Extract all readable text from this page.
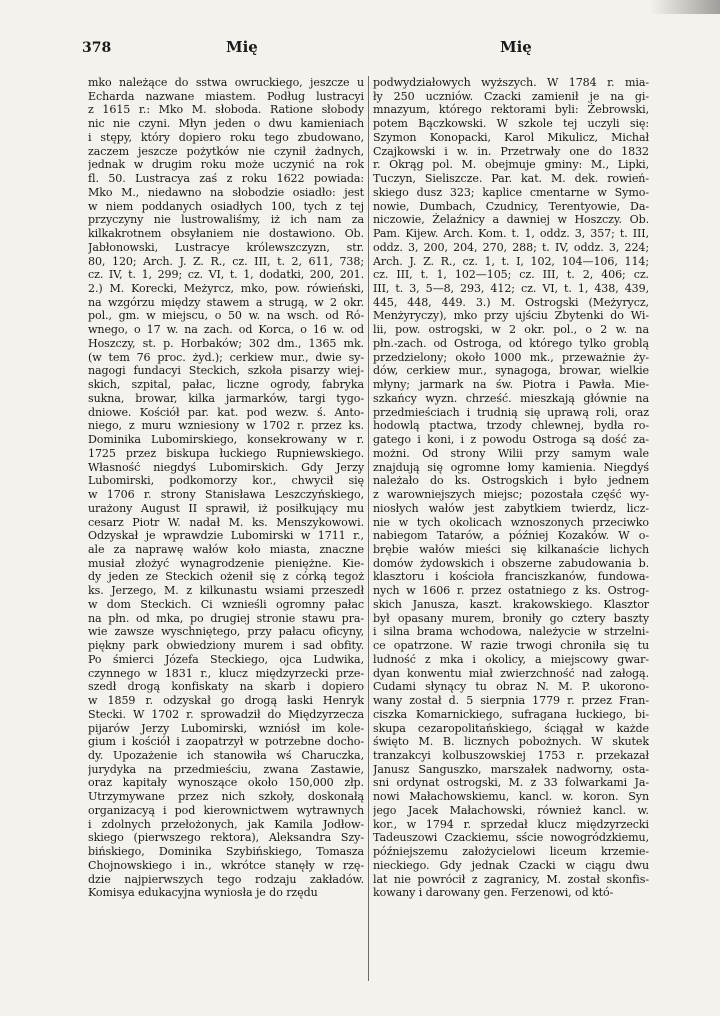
378	Mię	Mię
mko należące do sstwa owruckiego, jeszcze u
Echarda nazwane miastem. Podług lustracyi
z 1615 r.: Mko M. słoboda. Ratione słobody
nic nie czyni. Młyn jeden o dwu kamieniach
i stępy, który dopiero roku tego zbudowano,
zaczem jeszcze pożytków nie czynił żadnych,
jednak w drugim roku może uczynić na rok
fl. 50. Lustracya zaś z roku 1622 powiada:
Mko M., niedawno na słobodzie osiadło: jest
w niem poddanych osiadłych 100, tych z tej
przyczyny nie lustrowaliśmy, iż ich nam za
kilkakrotnem obsyłaniem nie dostawiono. Ob.
Jabłonowski, Lustracye królewszczyzn, str.
80, 120; Arch. J. Z. R., cz. III, t. 2, 611, 738;
cz. IV, t. 1, 299; cz. VI, t. 1, dodatki, 200, 201.
2.) M. Korecki, Meżyrcz, mko, pow. rówieński,
na wzgórzu między stawem a strugą, w 2 okr.
pol., gm. w miejscu, o 50 w. na wsch. od Ró-
wnego, o 17 w. na zach. od Korca, o 16 w. od
Hoszczy, st. p. Horbaków; 302 dm., 1365 mk.
(w tem 76 proc. żyd.); cerkiew mur., dwie sy-
nagogi fundacyi Steckich, szkoła pisarzy wiej-
skich, szpital, pałac, liczne ogrody, fabryka
sukna, browar, kilka jarmarków, targi tygo-
dniowe. Kościół par. kat. pod wezw. ś. Anto-
niego, z muru wzniesiony w 1702 r. przez ks.
Dominika Lubomirskiego, konsekrowany w r.
1725 przez biskupa łuckiego Rupniewskiego.
Własność niegdyś Lubomirskich. Gdy Jerzy
Lubomirski, podkomorzy kor., chwycił się
w 1706 r. strony Stanisława Leszczyńskiego,
urażony August II sprawił, iż posiłkujący mu
cesarz Piotr W. nadał M. ks. Menszykowowi.
Odzyskał je wprawdzie Lubomirski w 1711 r.,
ale za naprawę wałów koło miasta, znaczne
musiał złożyć wynagrodzenie pieniężne. Kie-
dy jeden ze Steckich ożenił się z córką tegoż
ks. Jerzego, M. z kilkunastu wsiami przeszedł
w dom Steckich. Ci wznieśli ogromny pałac
na płn. od mka, po drugiej stronie stawu pra-
wie zawsze wyschniętego, przy pałacu oficyny,
piękny park obwiedziony murem i sad obfity.
Po śmierci Józefa Steckiego, ojca Ludwika,
czynnego w 1831 r., klucz międzyrzecki prze-
szedł drogą konfiskaty na skarb i dopiero
w 1859 r. odzyskał go drogą łaski Henryk
Stecki. W 1702 r. sprowadził do Międzyrzecza
pijarów Jerzy Lubomirski, wzniósł im kole-
gium i kościół i zaopatrzył w potrzebne docho-
dy. Upozażenie ich stanowiła wś Charuczka,
jurydyka na przedmieściu, zwana Zastawie,
oraz kapitały wynoszące około 150,000 złp.
Utrzymywane przez nich szkoły, doskonałą
organizacyą i pod kierownictwem wytrawnych
i zdolnych przełożonych, jak Kamila Jodłow-
skiego (pierwszego rektora), Aleksandra Szy-
bińskiego, Dominika Szybińskiego, Tomasza
Chojnowskiego i in., wkrótce stanęły w rzę-
dzie najpierwszych tego rodzaju zakładów.
Komisya edukacyjna wyniosła je do rzędu
podwydziałowych wyższych. W 1784 r. mia-
ły 250 uczniów. Czacki zamienił je na gi-
mnazyum, którego rektorami byli: Żebrowski,
potem Bączkowski. W szkole tej uczyli się:
Szymon Konopacki, Karol Mikulicz, Michał
Czajkowski i w. in. Przetrwały one do 1832
r. Okrąg pol. M. obejmuje gminy: M., Lipki,
Tuczyn, Sieliszcze. Par. kat. M. dek. rowień-
skiego dusz 323; kaplice cmentarne w Symo-
nowie, Dumbach, Czudnicy, Terentyowie, Da-
niczowie, Żelaźnicy a dawniej w Hoszczy. Ob.
Pam. Kijew. Arch. Kom. t. 1, oddz. 3, 357; t. III,
oddz. 3, 200, 204, 270, 288; t. IV, oddz. 3, 224;
Arch. J. Z. R., cz. 1, t. I, 102, 104—106, 114;
cz. III, t. 1, 102—105; cz. III, t. 2, 406; cz.
III, t. 3, 5—8, 293, 412; cz. VI, t. 1, 438, 439,
445, 448, 449. 3.) M. Ostrogski (Meżyrycz,
Menżyryczy), mko przy ujściu Zbytenki do Wi-
lii, pow. ostrogski, w 2 okr. pol., o 2 w. na
płn.-zach. od Ostroga, od którego tylko groblą
przedzielony; około 1000 mk., przeważnie ży-
dów, cerkiew mur., synagoga, browar, wielkie
młyny; jarmark na św. Piotra i Pawła. Mie-
szkańcy wyzn. chrześć. mieszkają głównie na
przedmieściach i trudnią się uprawą roli, oraz
hodowlą ptactwa, trzody chlewnej, bydła ro-
gatego i koni, i z powodu Ostroga są dość za-
możni. Od strony Wilii przy samym wale
znajdują się ogromne łomy kamienia. Niegdyś
należało do ks. Ostrogskich i było jednem
z warowniejszych miejsc; pozostała część wy-
niosłych wałów jest zabytkiem twierdz, licz-
nie w tych okolicach wznoszonych przeciwko
nabiegom Tatarów, a później Kozaków. W o-
brębie wałów mieści się kilkanaście lichych
domów żydowskich i obszerne zabudowania b.
klasztoru i kościoła franciszkanów, fundowa-
nych w 1606 r. przez ostatniego z ks. Ostrog-
skich Janusza, kaszt. krakowskiego. Klasztor
był opasany murem, broniły go cztery baszty
i silna brama wchodowa, należycie w strzelni-
ce opatrzone. W razie trwogi chroniła się tu
ludność z mka i okolicy, a miejscowy gwar-
dyan konwentu miał zwierzchność nad załogą.
Cudami słynący tu obraz N. M. P. ukorono-
wany został d. 5 sierpnia 1779 r. przez Fran-
ciszka Komarnickiego, sufragana łuckiego, bi-
skupa cezaropolitańskiego, ściągał w każde
święto M. B. licznych pobożnych. W skutek
tranzakcyi kolbuszowskiej 1753 r. przekazał
Janusz Sanguszko, marszałek nadworny, osta-
sni ordynat ostrogski, M. z 33 folwarkami Ja-
nowi Małachowskiemu, kancl. w. koron. Syn
jego Jacek Małachowski, również kancl. w.
kor., w 1794 r. sprzedał klucz międzyrzecki
Tadeuszowi Czackiemu, sście nowogródzkiemu,
późniejszemu założycielowi liceum krzemie-
nieckiego. Gdy jednak Czacki w ciągu dwu
lat nie powrócił z zagranicy, M. został skonfis-
kowany i darowany gen. Ferzenowi, od któ-
